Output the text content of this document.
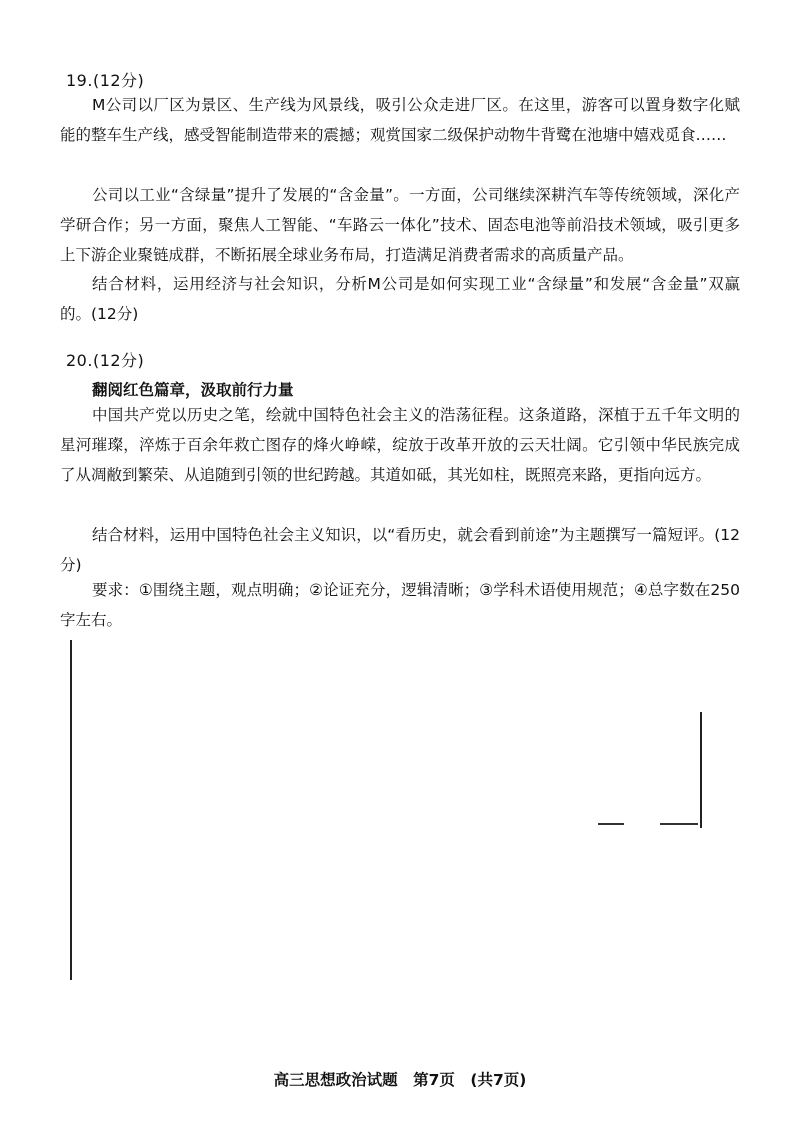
19.(12分)

M公司以厂区为景区、生产线为风景线，吸引公众走进厂区。在这里，游客可以置身数字化赋能的整车生产线，感受智能制造带来的震撼；观赏国家二级保护动物牛背鹭在池塘中嬉戏觅食……

公司以工业“含绿量”提升了发展的“含金量”。一方面，公司继续深耕汽车等传统领域，深化产学研合作；另一方面，聚焦人工智能、“车路云一体化”技术、固态电池等前沿技术领域，吸引更多上下游企业聚链成群，不断拓展全球业务布局，打造满足消费者需求的高质量产品。

结合材料，运用经济与社会知识，分析M公司是如何实现工业“含绿量”和发展“含金量”双赢的。(12分)

20.(12分)
翻阅红色篇章，汲取前行力量

中国共产党以历史之笔，绘就中国特色社会主义的浩荡征程。这条道路，深植于五千年文明的星河璀璨，淬炼于百余年救亡图存的烽火峥嵘，绽放于改革开放的云天壮阔。它引领中华民族完成了从凋敝到繁荣、从追随到引领的世纪跨越。其道如砥，其光如柱，既照亮来路，更指向远方。

结合材料，运用中国特色社会主义知识，以“看历史，就会看到前途”为主题撰写一篇短评。(12分)

要求：①围绕主题，观点明确；②论证充分，逻辑清晰；③学科术语使用规范；④总字数在250字左右。

高三思想政治试题　第7页　(共7页)
